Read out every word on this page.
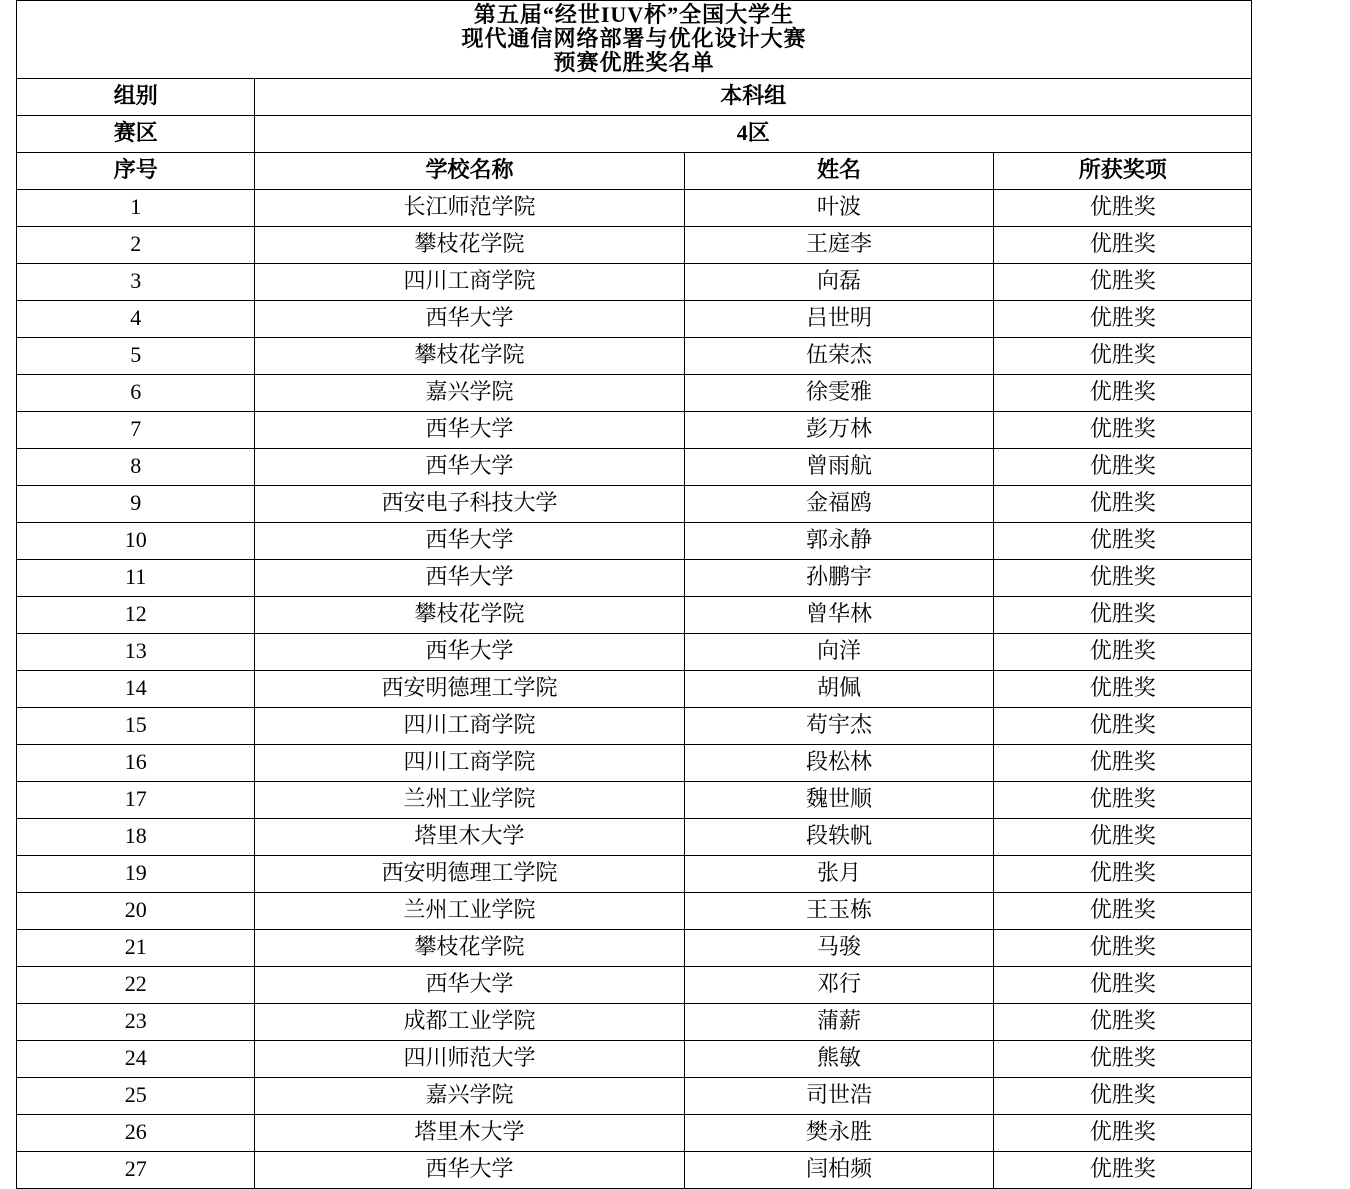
第五届“经世IUV杯”全国大学生
现代通信网络部署与优化设计大赛
预赛优胜奖名单			

组别	本科组		
赛区	4区		
序号	学校名称	姓名	所获奖项
1	长江师范学院	叶波	优胜奖
2	攀枝花学院	王庭李	优胜奖
3	四川工商学院	向磊	优胜奖
4	西华大学	吕世明	优胜奖
5	攀枝花学院	伍荣杰	优胜奖
6	嘉兴学院	徐雯雅	优胜奖
7	西华大学	彭万林	优胜奖
8	西华大学	曾雨航	优胜奖
9	西安电子科技大学	金福鸥	优胜奖
10	西华大学	郭永静	优胜奖
11	西华大学	孙鹏宇	优胜奖
12	攀枝花学院	曾华林	优胜奖
13	西华大学	向洋	优胜奖
14	西安明德理工学院	胡佩	优胜奖
15	四川工商学院	苟宇杰	优胜奖
16	四川工商学院	段松林	优胜奖
17	兰州工业学院	魏世顺	优胜奖
18	塔里木大学	段轶帆	优胜奖
19	西安明德理工学院	张月	优胜奖
20	兰州工业学院	王玉栋	优胜奖
21	攀枝花学院	马骏	优胜奖
22	西华大学	邓行	优胜奖
23	成都工业学院	蒲薪	优胜奖
24	四川师范大学	熊敏	优胜奖
25	嘉兴学院	司世浩	优胜奖
26	塔里木大学	樊永胜	优胜奖
27	西华大学	闫柏频	优胜奖
